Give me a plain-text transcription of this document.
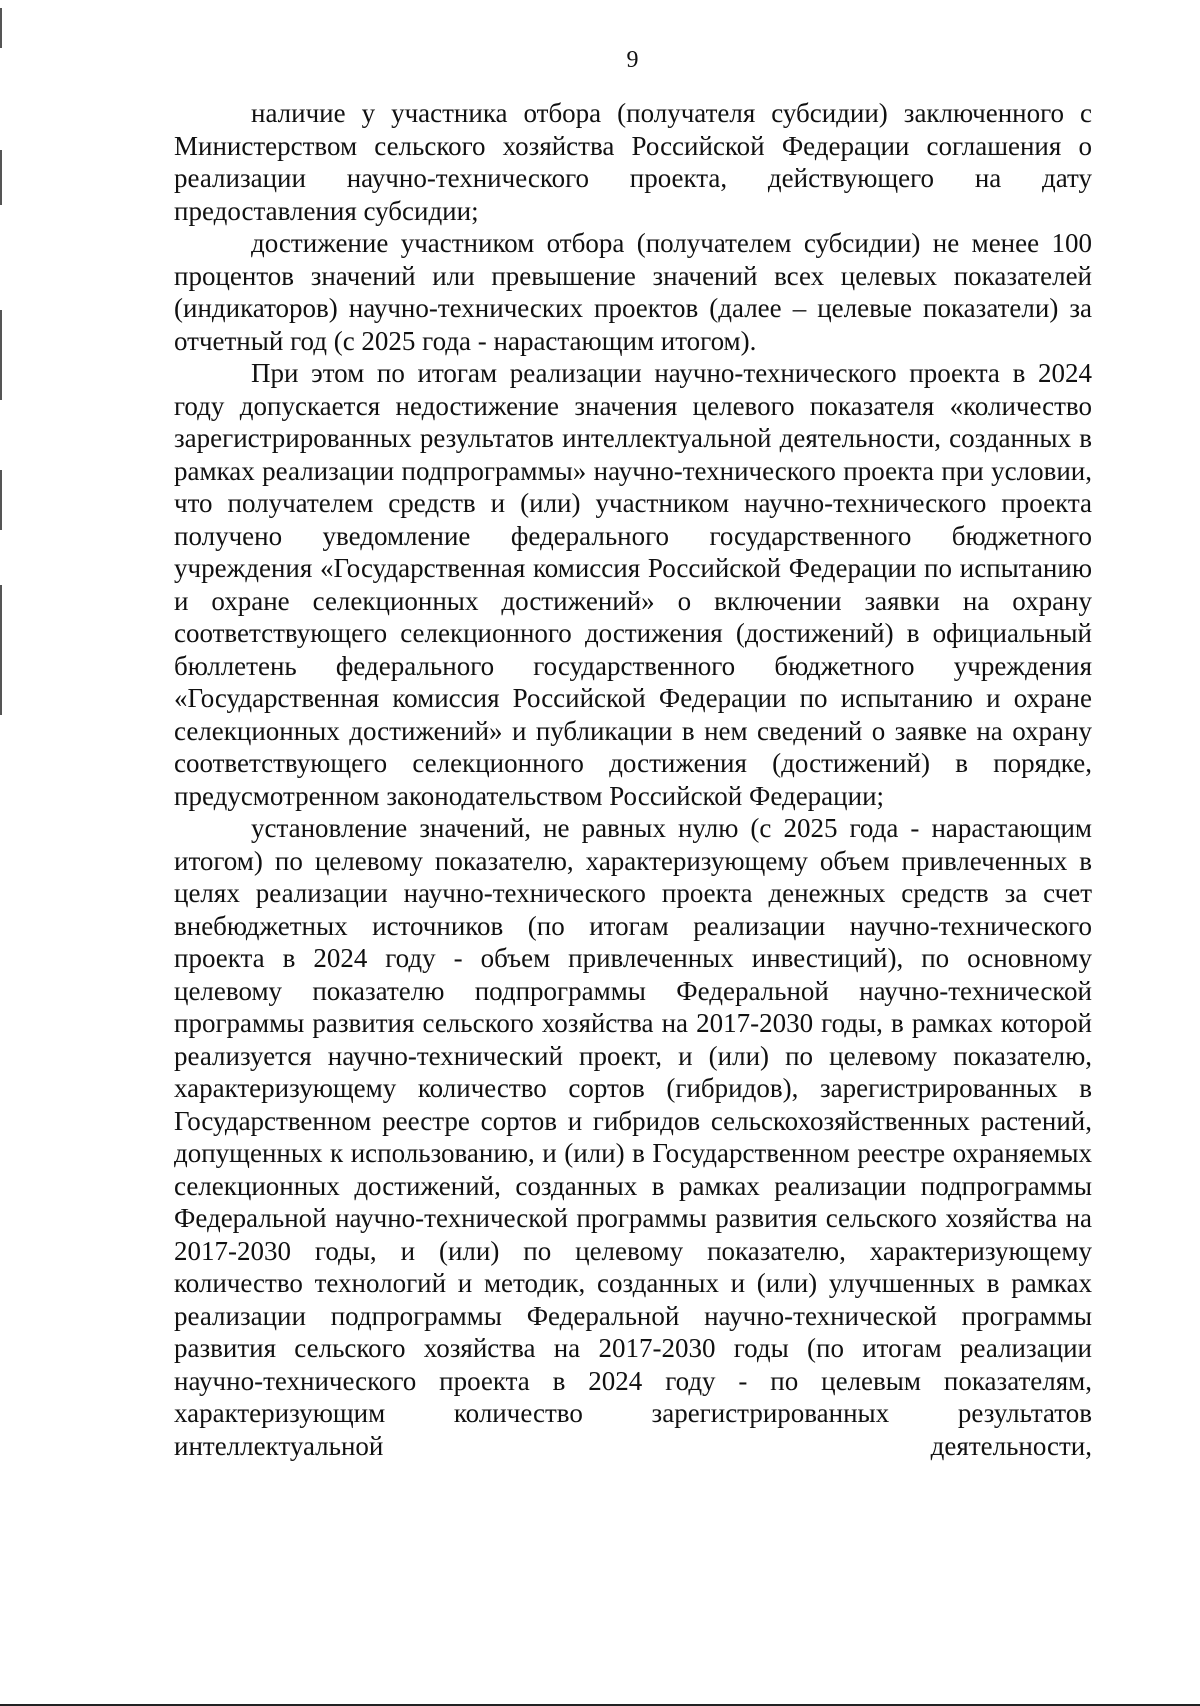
9

наличие у участника отбора (получателя субсидии) заключенного с Министерством сельского хозяйства Российской Федерации соглашения о реализации научно-технического проекта, действующего на дату предоставления субсидии;

достижение участником отбора (получателем субсидии) не менее 100 процентов значений или превышение значений всех целевых показателей (индикаторов) научно-технических проектов (далее – целевые показатели) за отчетный год (с 2025 года - нарастающим итогом).

При этом по итогам реализации научно-технического проекта в 2024 году допускается недостижение значения целевого показателя «количество зарегистрированных результатов интеллектуальной деятельности, созданных в рамках реализации подпрограммы» научно-технического проекта при условии, что получателем средств и (или) участником научно-технического проекта получено уведомление федерального государственного бюджетного учреждения «Государственная комиссия Российской Федерации по испытанию и охране селекционных достижений» о включении заявки на охрану соответствующего селекционного достижения (достижений) в официальный бюллетень федерального государственного бюджетного учреждения «Государственная комиссия Российской Федерации по испытанию и охране селекционных достижений» и публикации в нем сведений о заявке на охрану соответствующего селекционного достижения (достижений) в порядке, предусмотренном законодательством Российской Федерации;

установление значений, не равных нулю (с 2025 года - нарастающим итогом) по целевому показателю, характеризующему объем привлеченных в целях реализации научно-технического проекта денежных средств за счет внебюджетных источников (по итогам реализации научно-технического проекта в 2024 году - объем привлеченных инвестиций), по основному целевому показателю подпрограммы Федеральной научно-технической программы развития сельского хозяйства на 2017-2030 годы, в рамках которой реализуется научно-технический проект, и (или) по целевому показателю, характеризующему количество сортов (гибридов), зарегистрированных в Государственном реестре сортов и гибридов сельскохозяйственных растений, допущенных к использованию, и (или) в Государственном реестре охраняемых селекционных достижений, созданных в рамках реализации подпрограммы Федеральной научно-технической программы развития сельского хозяйства на 2017-2030 годы, и (или) по целевому показателю, характеризующему количество технологий и методик, созданных и (или) улучшенных в рамках реализации подпрограммы Федеральной научно-технической программы развития сельского хозяйства на 2017-2030 годы (по итогам реализации научно-технического проекта в 2024 году - по целевым показателям, характеризующим количество зарегистрированных результатов интеллектуальной деятельности,
